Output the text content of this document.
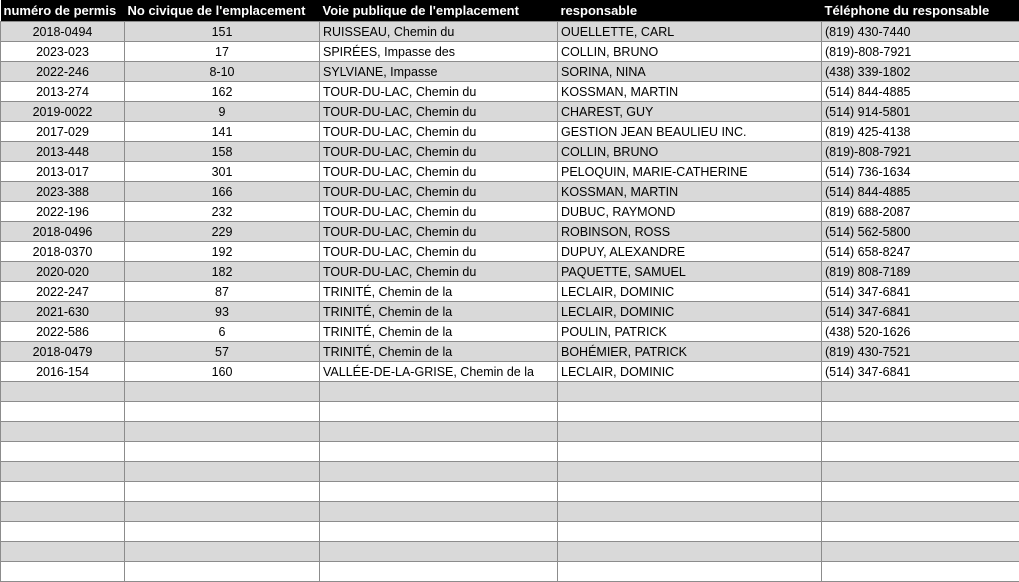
numéro de permis	No civique de l'emplacement	Voie publique de l'emplacement	responsable	Téléphone du responsable
2018-0494	151	RUISSEAU, Chemin du	OUELLETTE, CARL	(819) 430-7440
2023-023	17	SPIRÉES, Impasse des	COLLIN, BRUNO	(819)-808-7921
2022-246	8-10	SYLVIANE, Impasse	SORINA, NINA	(438) 339-1802
2013-274	162	TOUR-DU-LAC, Chemin du	KOSSMAN, MARTIN	(514) 844-4885
2019-0022	9	TOUR-DU-LAC, Chemin du	CHAREST, GUY	(514) 914-5801
2017-029	141	TOUR-DU-LAC, Chemin du	GESTION JEAN BEAULIEU INC.	(819) 425-4138
2013-448	158	TOUR-DU-LAC, Chemin du	COLLIN, BRUNO	(819)-808-7921
2013-017	301	TOUR-DU-LAC, Chemin du	PELOQUIN, MARIE-CATHERINE	(514) 736-1634
2023-388	166	TOUR-DU-LAC, Chemin du	KOSSMAN, MARTIN	(514) 844-4885
2022-196	232	TOUR-DU-LAC, Chemin du	DUBUC, RAYMOND	(819) 688-2087
2018-0496	229	TOUR-DU-LAC, Chemin du	ROBINSON, ROSS	(514) 562-5800
2018-0370	192	TOUR-DU-LAC, Chemin du	DUPUY, ALEXANDRE	(514) 658-8247
2020-020	182	TOUR-DU-LAC, Chemin du	PAQUETTE, SAMUEL	(819) 808-7189
2022-247	87	TRINITÉ, Chemin de la	LECLAIR, DOMINIC	(514) 347-6841
2021-630	93	TRINITÉ, Chemin de la	LECLAIR, DOMINIC	(514) 347-6841
2022-586	6	TRINITÉ, Chemin de la	POULIN, PATRICK	(438) 520-1626
2018-0479	57	TRINITÉ, Chemin de la	BOHÉMIER, PATRICK	(819) 430-7521
2016-154	160	VALLÉE-DE-LA-GRISE, Chemin de la	LECLAIR, DOMINIC	(514) 347-6841
